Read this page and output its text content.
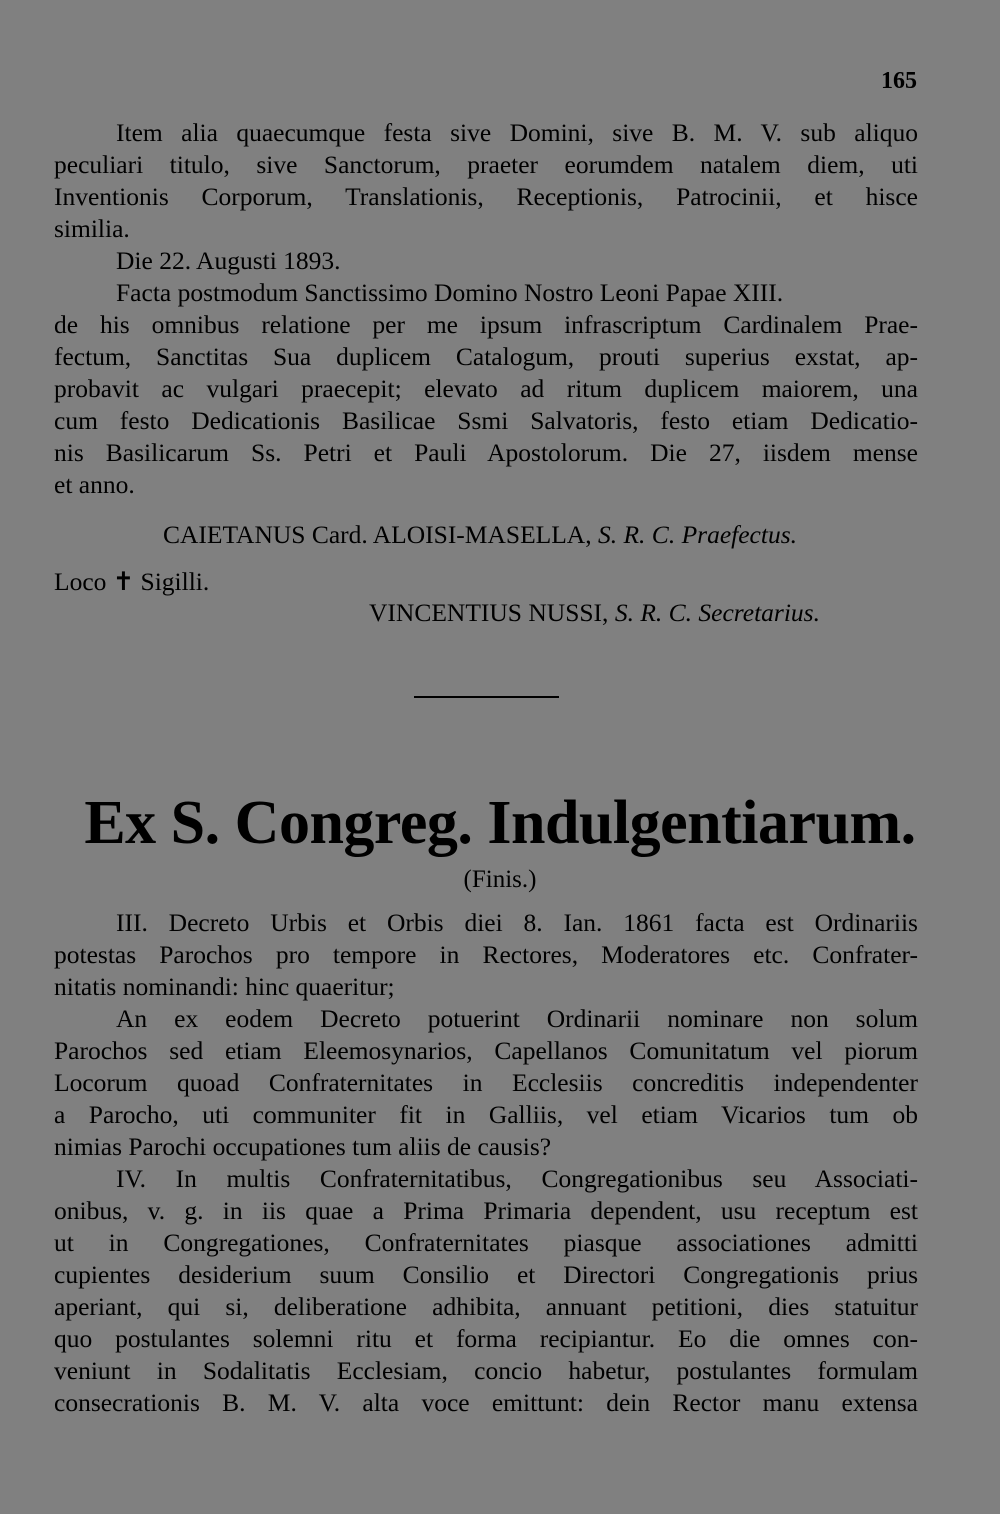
165
Item alia quaecumque festa sive Domini, sive B. M. V. sub aliquo
peculiari titulo, sive Sanctorum, praeter eorumdem natalem diem, uti
Inventionis Corporum, Translationis, Receptionis, Patrocinii, et hisce
similia.
Die 22. Augusti 1893.
Facta postmodum Sanctissimo Domino Nostro Leoni Papae XIII.
de his omnibus relatione per me ipsum infrascriptum Cardinalem Prae-
fectum, Sanctitas Sua duplicem Catalogum, prouti superius exstat, ap-
probavit ac vulgari praecepit; elevato ad ritum duplicem maiorem, una
cum festo Dedicationis Basilicae Ssmi Salvatoris, festo etiam Dedicatio-
nis Basilicarum Ss. Petri et Pauli Apostolorum. Die 27, iisdem mense
et anno.
CAIETANUS Card. ALOISI-MASELLA, S. R. C. Praefectus.
Loco ✝ Sigilli.
VINCENTIUS NUSSI, S. R. C. Secretarius.
Ex S. Congreg. Indulgentiarum.
(Finis.)
III. Decreto Urbis et Orbis diei 8. Ian. 1861 facta est Ordinariis
potestas Parochos pro tempore in Rectores, Moderatores etc. Confrater-
nitatis nominandi: hinc quaeritur;
An ex eodem Decreto potuerint Ordinarii nominare non solum
Parochos sed etiam Eleemosynarios, Capellanos Comunitatum vel piorum
Locorum quoad Confraternitates in Ecclesiis concreditis independenter
a Parocho, uti communiter fit in Galliis, vel etiam Vicarios tum ob
nimias Parochi occupationes tum aliis de causis?
IV. In multis Confraternitatibus, Congregationibus seu Associati-
onibus, v. g. in iis quae a Prima Primaria dependent, usu receptum est
ut in Congregationes, Confraternitates piasque associationes admitti
cupientes desiderium suum Consilio et Directori Congregationis prius
aperiant, qui si, deliberatione adhibita, annuant petitioni, dies statuitur
quo postulantes solemni ritu et forma recipiantur. Eo die omnes con-
veniunt in Sodalitatis Ecclesiam, concio habetur, postulantes formulam
consecrationis B. M. V. alta voce emittunt: dein Rector manu extensa
